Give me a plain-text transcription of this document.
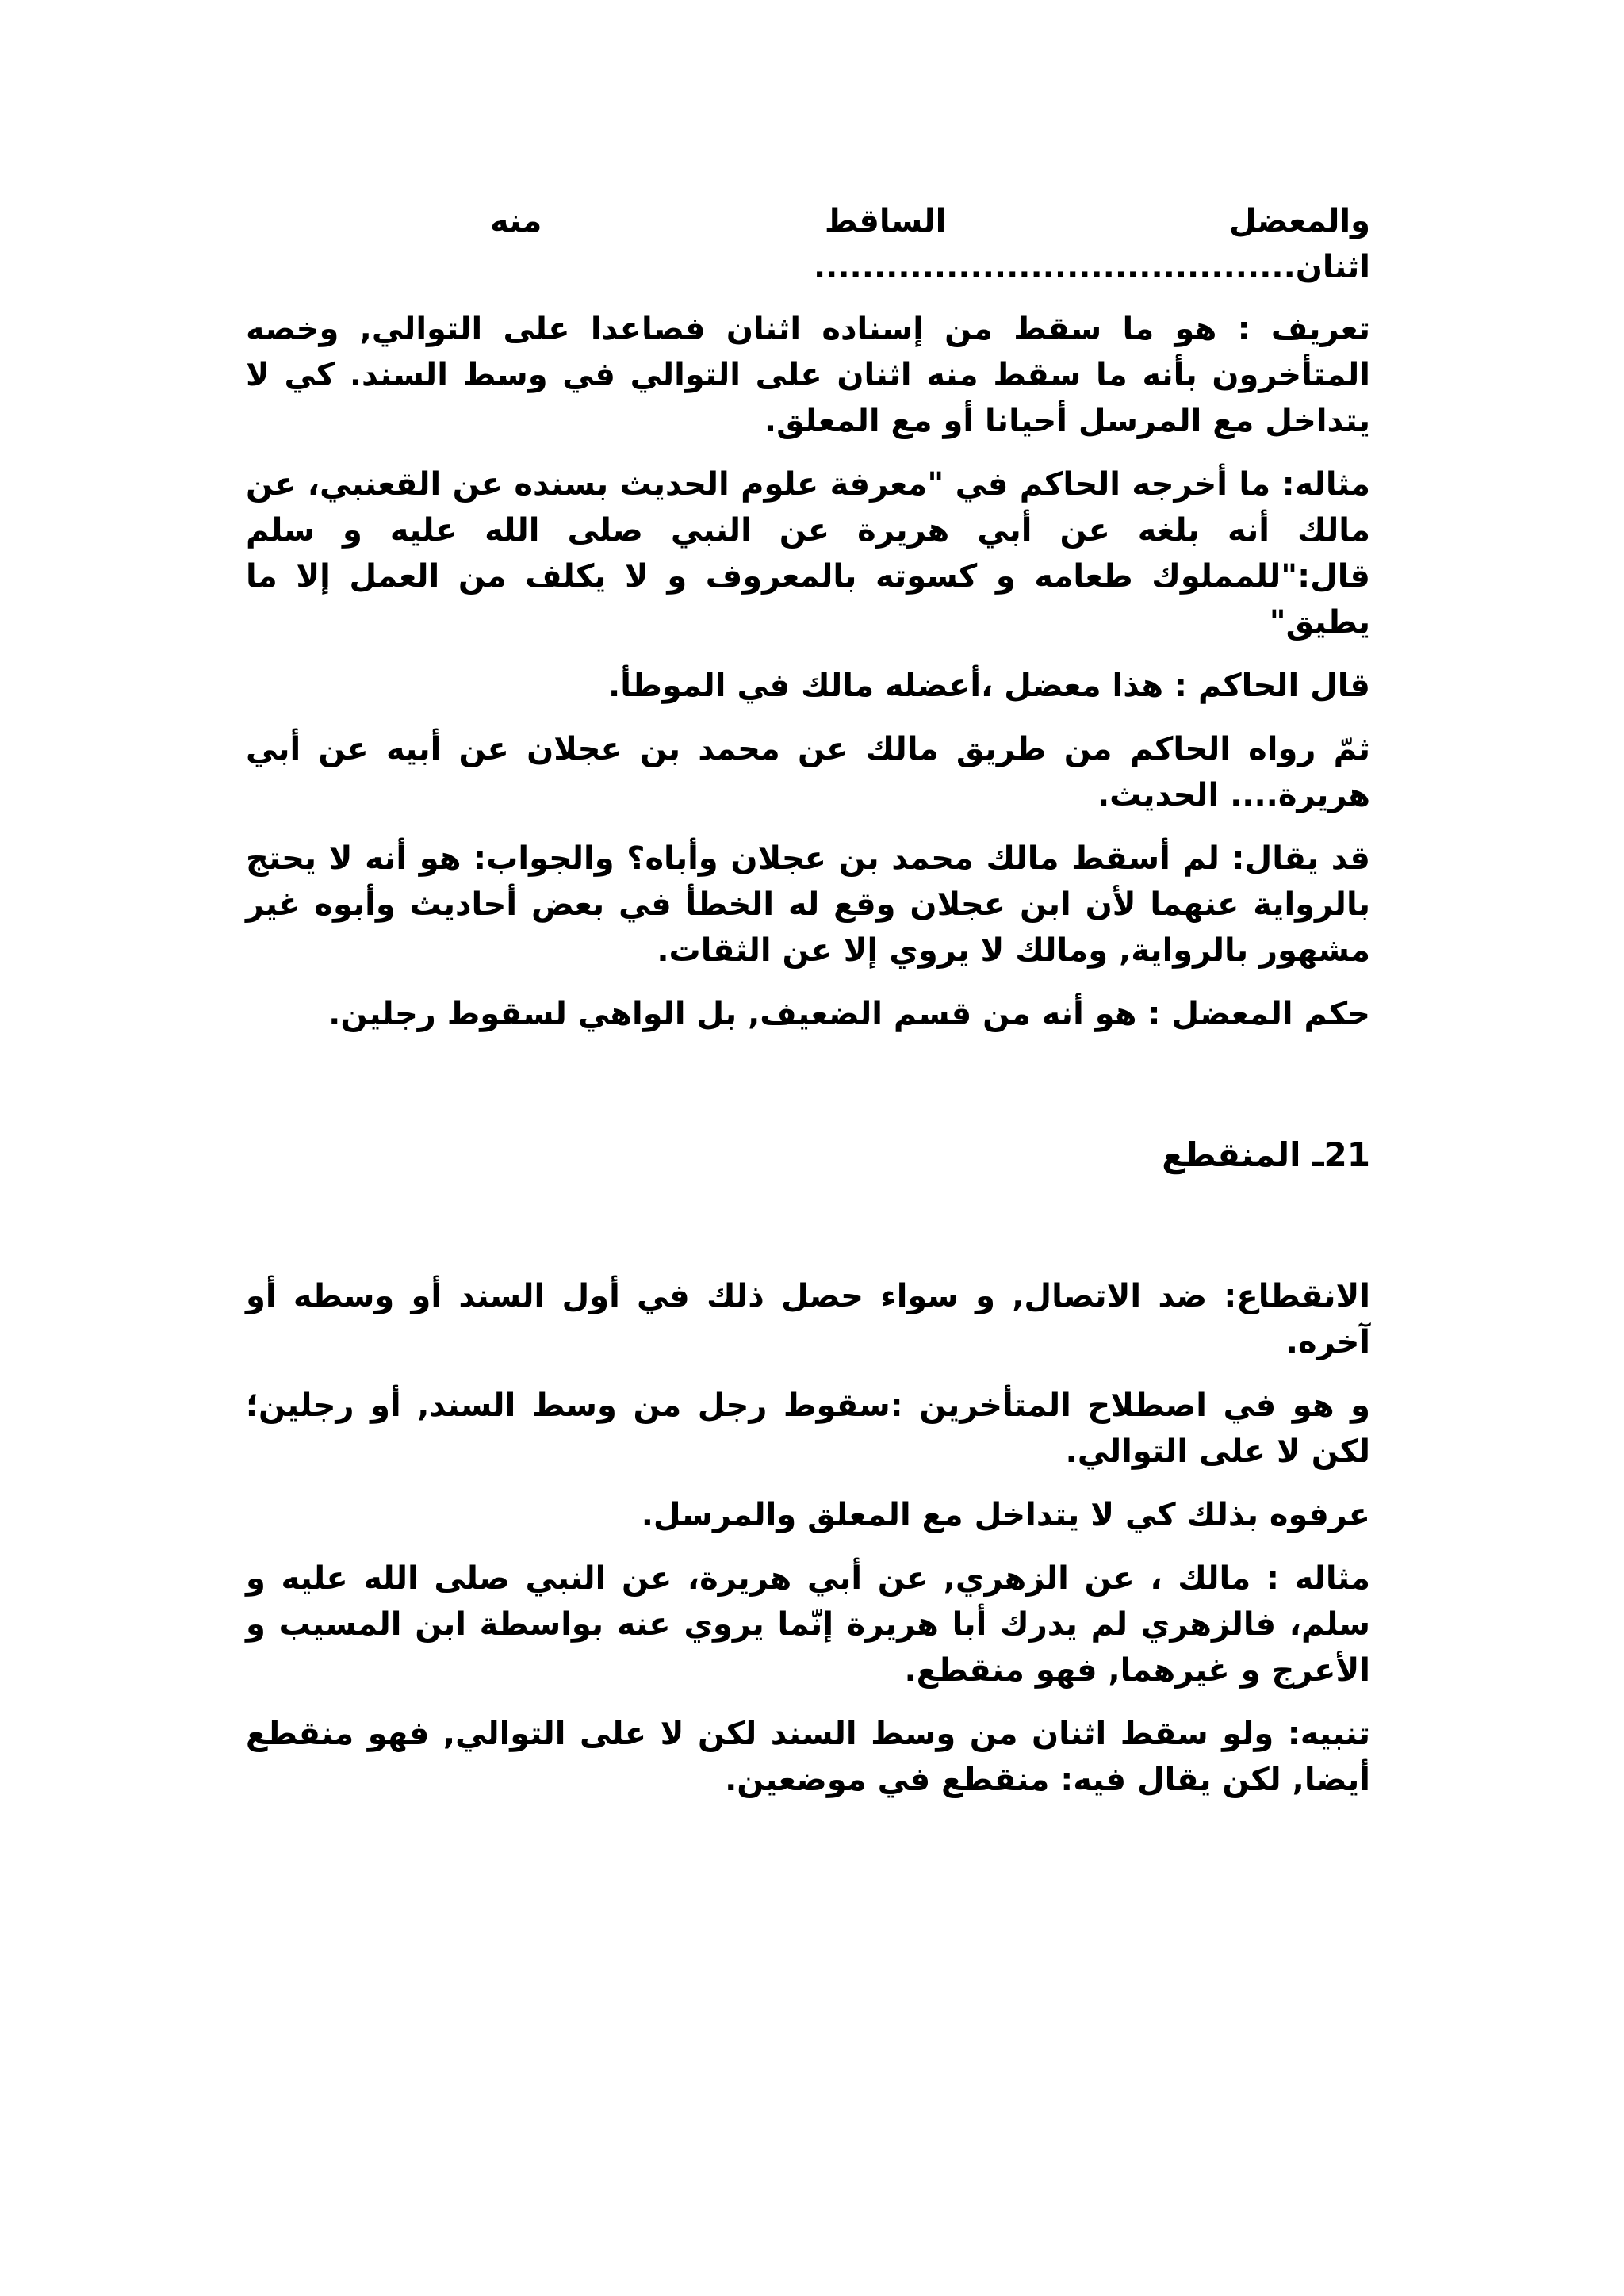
والمعضل
الساقط
منه
اثنان........................................

تعريف : هو ما سقط من إسناده اثنان فصاعدا على التوالي, وخصه المتأخرون بأنه ما سقط منه اثنان على التوالي في وسط السند. كي لا يتداخل مع المرسل أحيانا أو مع المعلق.

مثاله: ما أخرجه الحاكم في "معرفة علوم الحديث بسنده عن القعنبي، عن مالك أنه بلغه عن أبي هريرة عن النبي صلى الله عليه و سلم قال:"للمملوك طعامه و كسوته بالمعروف و لا يكلف من العمل إلا ما يطيق"

قال الحاكم : هذا معضل ،أعضله مالك في الموطأ.

ثمّ رواه الحاكم من طريق مالك عن محمد بن عجلان عن أبيه عن أبي هريرة.... الحديث.

قد يقال: لم أسقط مالك محمد بن عجلان وأباه؟ والجواب: هو أنه لا يحتج بالرواية عنهما لأن ابن عجلان وقع له الخطأ في بعض أحاديث وأبوه غير مشهور بالرواية, ومالك لا يروي إلا عن الثقات.

حكم المعضل : هو أنه من قسم الضعيف, بل الواهي لسقوط رجلين.

21ـ المنقطع

الانقطاع: ضد الاتصال, و سواء حصل ذلك في أول السند أو وسطه أو آخره.

و هو في اصطلاح المتأخرين :سقوط رجل من وسط السند, أو رجلين؛ لكن لا على التوالي.

عرفوه بذلك كي لا يتداخل مع المعلق والمرسل.

مثاله : مالك ، عن الزهري, عن أبي هريرة، عن النبي صلى الله عليه و سلم، فالزهري لم يدرك أبا هريرة إنّما يروي عنه بواسطة ابن المسيب و الأعرج و غيرهما, فهو منقطع.

تنبيه: ولو سقط اثنان من وسط السند لكن لا على التوالي, فهو منقطع أيضا, لكن يقال فيه: منقطع في موضعين.
